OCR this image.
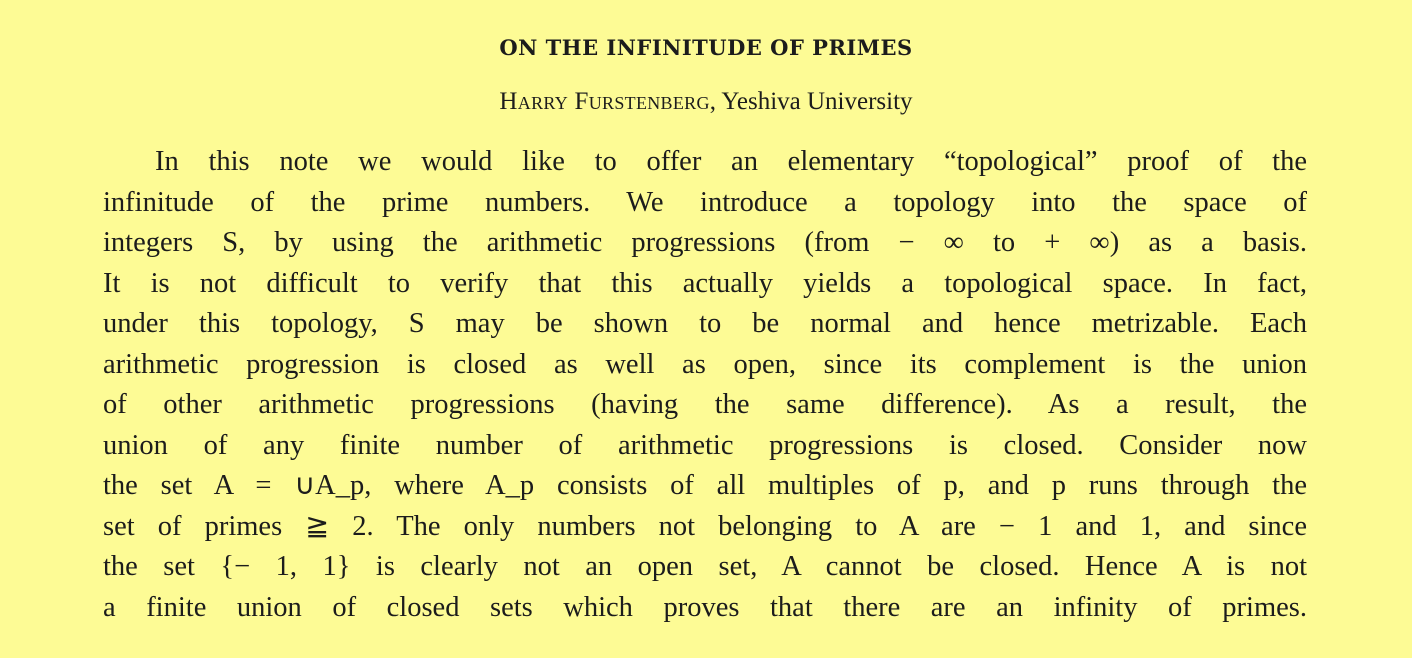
ON THE INFINITUDE OF PRIMES
Harry Furstenberg, Yeshiva University
In this note we would like to offer an elementary “topological” proof of the
infinitude of the prime numbers. We introduce a topology into the space of
integers S, by using the arithmetic progressions (from − ∞ to + ∞) as a basis.
It is not difficult to verify that this actually yields a topological space. In fact,
under this topology, S may be shown to be normal and hence metrizable. Each
arithmetic progression is closed as well as open, since its complement is the union
of other arithmetic progressions (having the same difference). As a result, the
union of any finite number of arithmetic progressions is closed. Consider now
the set A = ∪A_p, where A_p consists of all multiples of p, and p runs through the
set of primes ≧ 2. The only numbers not belonging to A are − 1 and 1, and since
the set {− 1, 1} is clearly not an open set, A cannot be closed. Hence A is not
a finite union of closed sets which proves that there are an infinity of primes.
